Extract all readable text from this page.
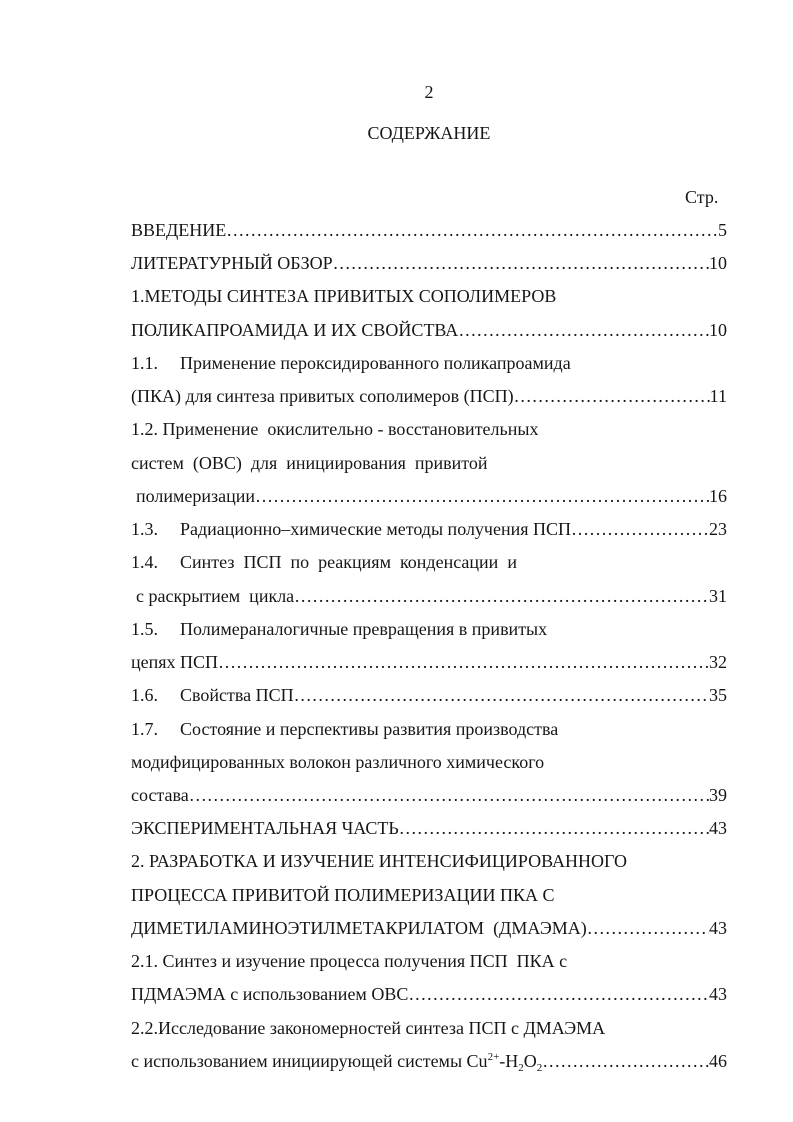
2
СОДЕРЖАНИЕ
Стр.
ВВЕДЕНИЕ ………………………………………………………………………………………………………………………………………………………………	5
ЛИТЕРАТУРНЫЙ ОБЗОР ………………………………………………………………………………………………………………………………………………………………	10
1.МЕТОДЫ СИНТЕЗА ПРИВИТЫХ СОПОЛИМЕРОВ
ПОЛИКАПРОАМИДА И ИХ СВОЙСТВА ………………………………………………………………………………………………………………………………………………………………	10
1.1.	Применение пероксидированного поликапроамида
(ПКА) для синтеза привитых сополимеров (ПСП) ………………………………………………………………………………………………………………………………………………………………	11
1.2. Применение  окислительно - восстановительных
систем  (ОВС)  для  инициирования  привитой
полимеризации ………………………………………………………………………………………………………………………………………………………………	16
1.3.	Радиационно–химические методы получения ПСП ………………………………………………………………………………………………………………………………………………………………	23
1.4.	Синтез  ПСП  по  реакциям  конденсации  и
с раскрытием  цикла ………………………………………………………………………………………………………………………………………………………………	31
1.5.	Полимераналогичные превращения в привитых
цепях ПСП ………………………………………………………………………………………………………………………………………………………………	32
1.6.	Свойства ПСП ………………………………………………………………………………………………………………………………………………………………	35
1.7.	Состояние и перспективы развития производства
модифицированных волокон различного химического
состава ………………………………………………………………………………………………………………………………………………………………	39
ЭКСПЕРИМЕНТАЛЬНАЯ ЧАСТЬ ………………………………………………………………………………………………………………………………………………………………	43
2. РАЗРАБОТКА И ИЗУЧЕНИЕ ИНТЕНСИФИЦИРОВАННОГО
ПРОЦЕССА ПРИВИТОЙ ПОЛИМЕРИЗАЦИИ ПКА С
ДИМЕТИЛАМИНОЭТИЛМЕТАКРИЛАТОМ  (ДМАЭМА) ………………………………………………………………………………………………………………………………………………………………	43
2.1. Синтез и изучение процесса получения ПСП  ПКА с
ПДМАЭМА с использованием ОВС ………………………………………………………………………………………………………………………………………………………………	43
2.2.Исследование закономерностей синтеза ПСП с ДМАЭМА
с использованием инициирующей системы $Cu^{2+}-H_2O_2$ ………………………………………………………………………………………………………………………………………………………………	46
